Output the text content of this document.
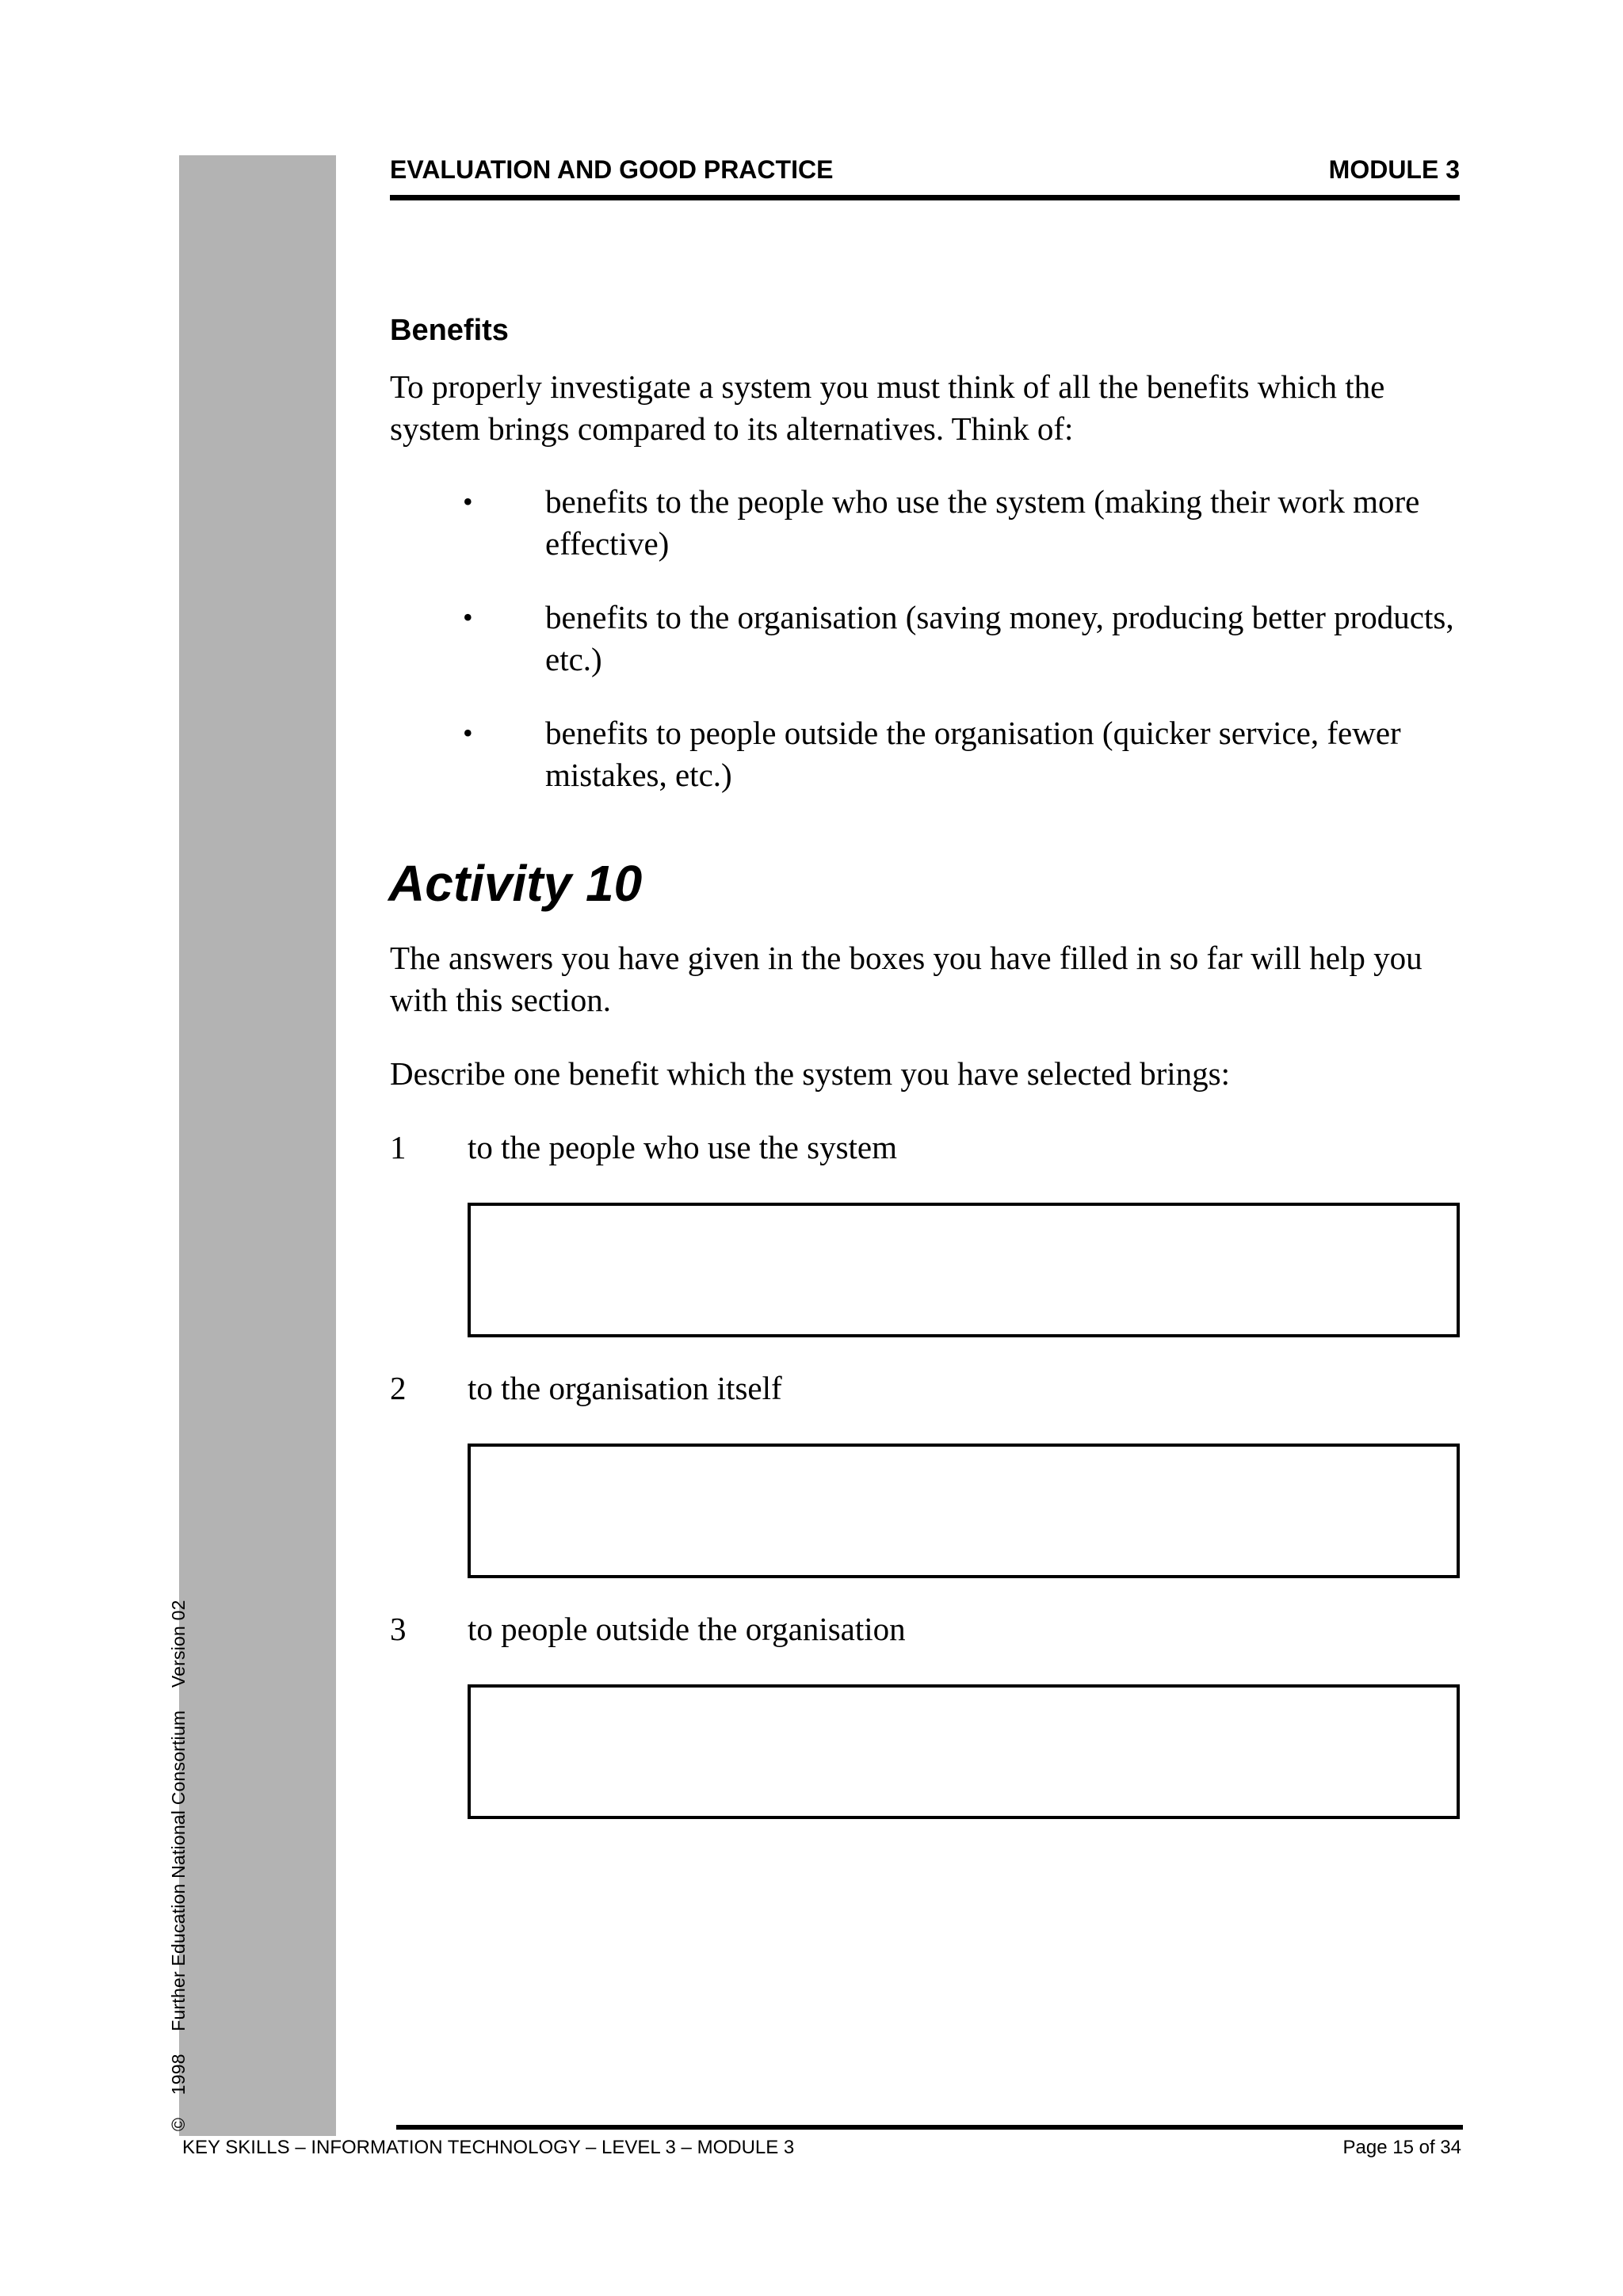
© 1998 Further Education National Consortium Version 02
EVALUATION AND GOOD PRACTICE	MODULE 3
Benefits
To properly investigate a system you must think of all the benefits which the system brings compared to its alternatives. Think of:
• benefits to the people who use the system (making their work more effective)
• benefits to the organisation (saving money, producing better products, etc.)
• benefits to people outside the organisation (quicker service, fewer mistakes, etc.)
Activity 10
The answers you have given in the boxes you have filled in so far will help you with this section.
Describe one benefit which the system you have selected brings:
1 to the people who use the system
2 to the organisation itself
3 to people outside the organisation
KEY SKILLS – INFORMATION TECHNOLOGY – LEVEL 3 – MODULE 3	Page 15 of 34
